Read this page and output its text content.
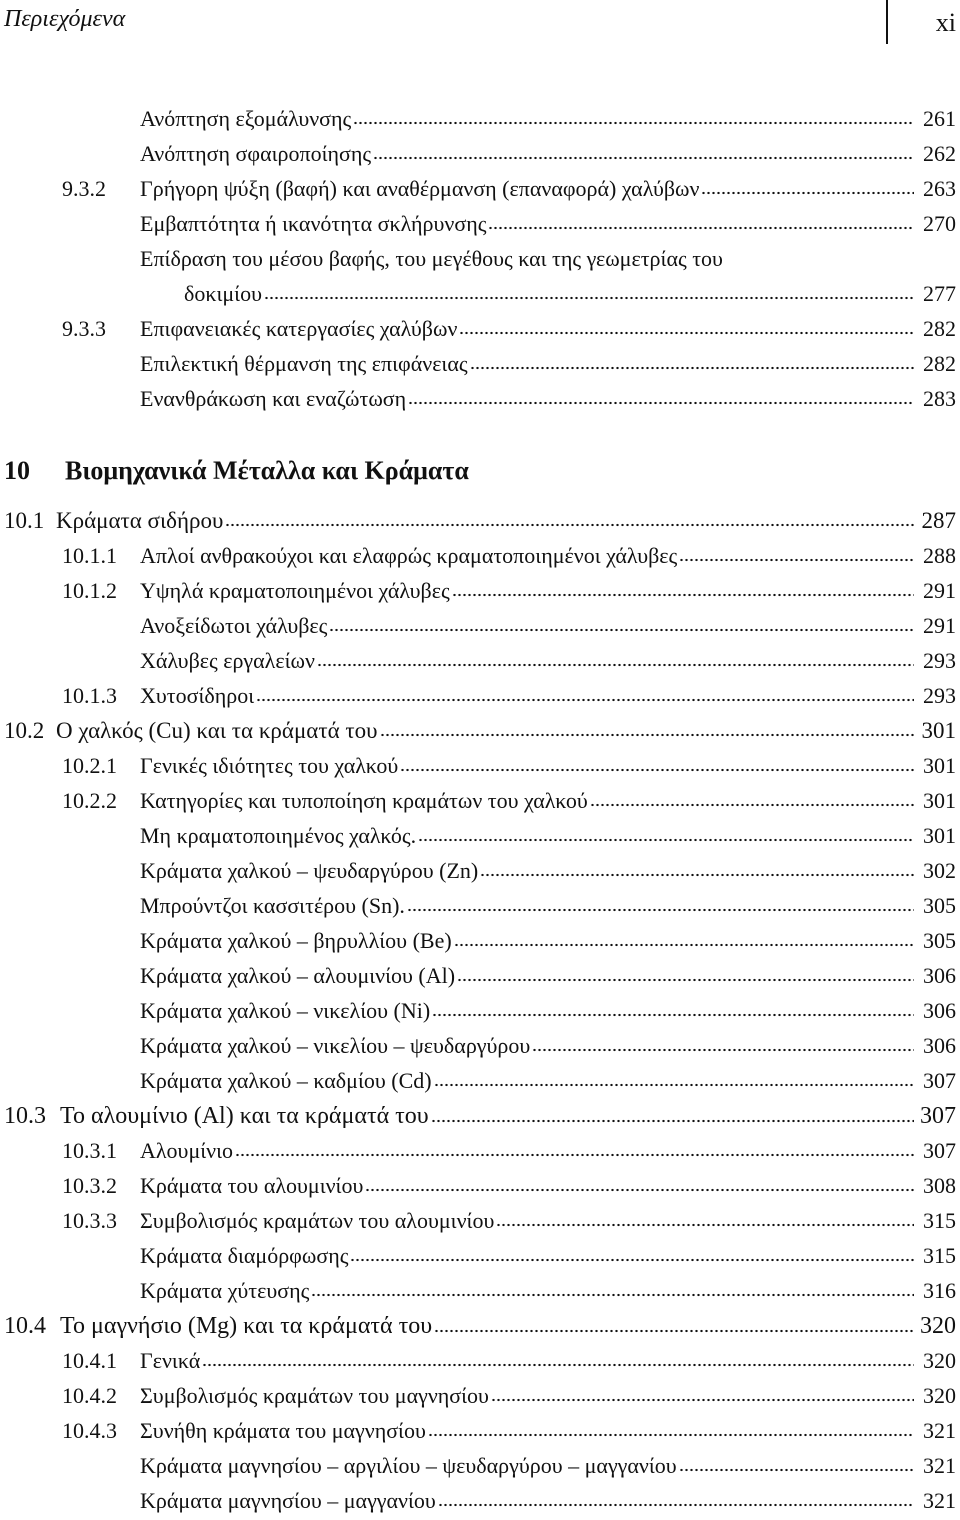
Περιεχόμενα	xi
Ανόπτηση εξομάλυνσης	261
Ανόπτηση σφαιροποίησης	262
9.3.2	Γρήγορη ψύξη (βαφή) και αναθέρμανση (επαναφορά) χαλύβων	263
Εμβαπτότητα ή ικανότητα σκλήρυνσης	270
Επίδραση του μέσου βαφής, του μεγέθους και της γεωμετρίας του
δοκιμίου	277
9.3.3	Επιφανειακές κατεργασίες χαλύβων	282
Επιλεκτική θέρμανση της επιφάνειας	282
Ενανθράκωση και εναζώτωση	283
10 Βιομηχανικά Μέταλλα και Κράματα
10.1 Κράματα σιδήρου	287
10.1.1	Απλοί ανθρακούχοι και ελαφρώς κραματοποιημένοι χάλυβες	288
10.1.2	Υψηλά κραματοποιημένοι χάλυβες	291
Ανοξείδωτοι χάλυβες	291
Χάλυβες εργαλείων	293
10.1.3	Χυτοσίδηροι	293
10.2 Ο χαλκός (Cu) και τα κράματά του	301
10.2.1	Γενικές ιδιότητες του χαλκού	301
10.2.2	Κατηγορίες και τυποποίηση κραμάτων του χαλκού	301
Μη κραματοποιημένος χαλκός.	301
Κράματα χαλκού – ψευδαργύρου (Zn)	302
Μπρούντζοι κασσιτέρου (Sn).	305
Κράματα χαλκού – βηρυλλίου (Be)	305
Κράματα χαλκού – αλουμινίου (Al)	306
Κράματα χαλκού – νικελίου (Ni)	306
Κράματα χαλκού – νικελίου – ψευδαργύρου	306
Κράματα χαλκού – καδμίου (Cd)	307
10.3 Το αλουμίνιο (Al) και τα κράματά του	307
10.3.1	Αλουμίνιο	307
10.3.2	Κράματα του αλουμινίου	308
10.3.3	Συμβολισμός κραμάτων του αλουμινίου	315
Κράματα διαμόρφωσης	315
Κράματα χύτευσης	316
10.4 Το μαγνήσιο (Mg) και τα κράματά του	320
10.4.1	Γενικά	320
10.4.2	Συμβολισμός κραμάτων του μαγνησίου	320
10.4.3	Συνήθη κράματα του μαγνησίου	321
Κράματα μαγνησίου – αργιλίου – ψευδαργύρου – μαγγανίου	321
Κράματα μαγνησίου – μαγγανίου	321
